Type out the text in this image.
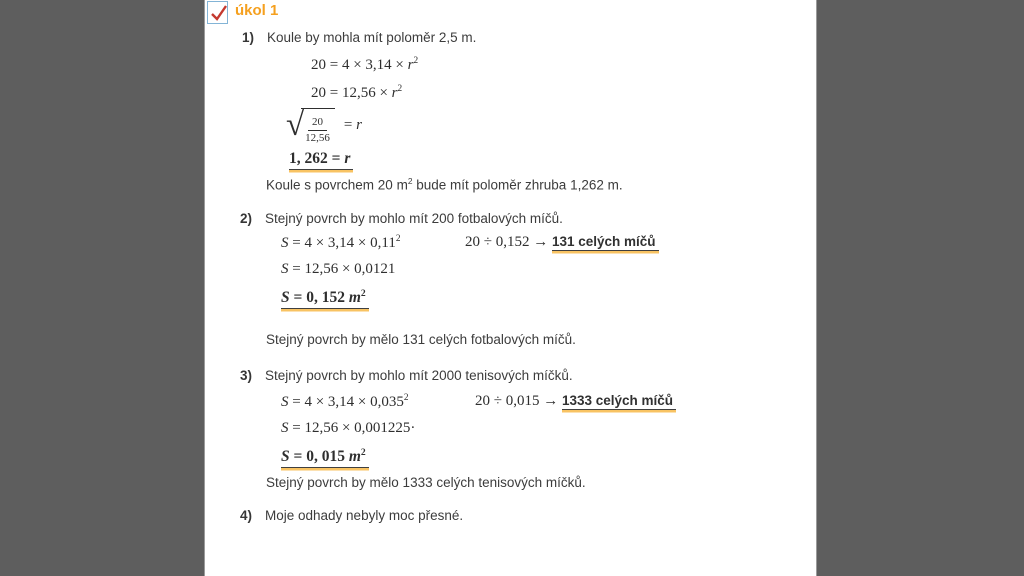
úkol 1
1) Koule by mohla mít poloměr 2,5 m.
$20 = 4 \times 3,14 \times r^2$
$20 = 12,56 \times r^2$
√ $\frac{20}{12,56} = r$
1, 262 = r
Koule s povrchem 20 $m^2$ bude mít poloměr zhruba 1,262 m.
2) Stejný povrch by mohlo mít 200 fotbalových míčů.
$S = 4 \times 3,14 \times 0,11^2$	20 ÷ 0,152 → 131 celých míčů
S = 12,56 × 0,0121
S = 0, 152 $m^2$
Stejný povrch by mělo 131 celých fotbalových míčů.
3) Stejný povrch by mohlo mít 2000 tenisových míčků.
$S = 4 \times 3,14 \times 0,035^2$	20 ÷ 0,015 → 1333 celých míčů
S = 12,56 × 0,001225·
S = 0, 015 $m^2$
Stejný povrch by mělo 1333 celých tenisových míčků.
4) Moje odhady nebyly moc přesné.
